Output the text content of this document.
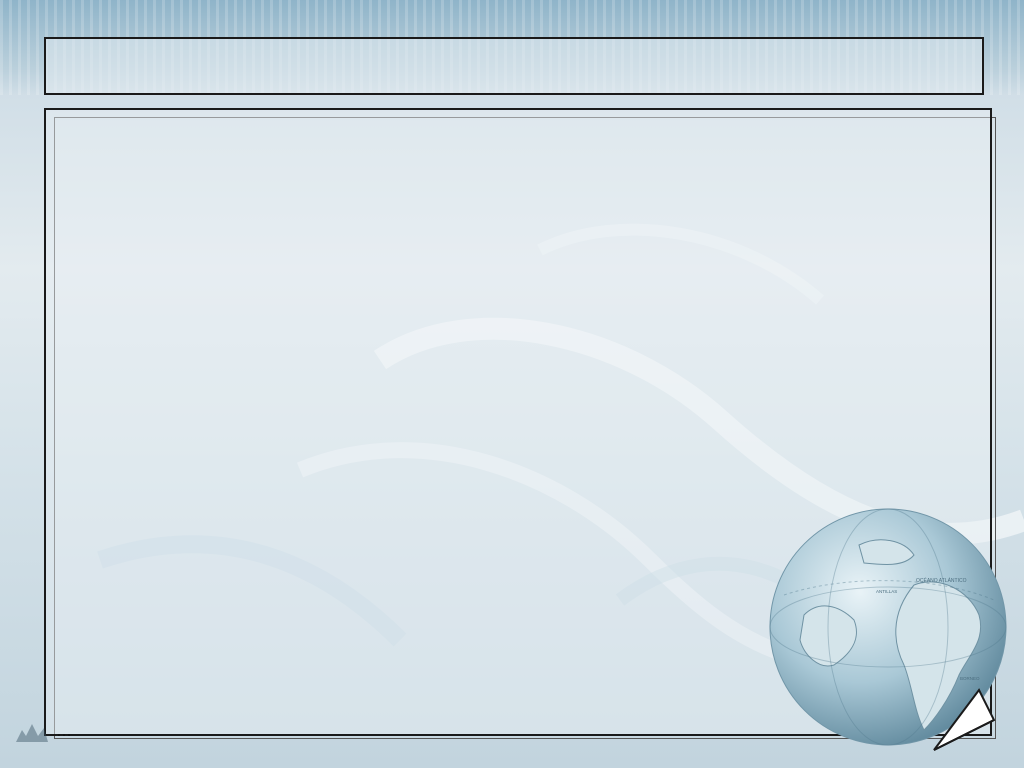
OCÉANO ATLÁNTICO
ANTILLAS
BORNEO
…
